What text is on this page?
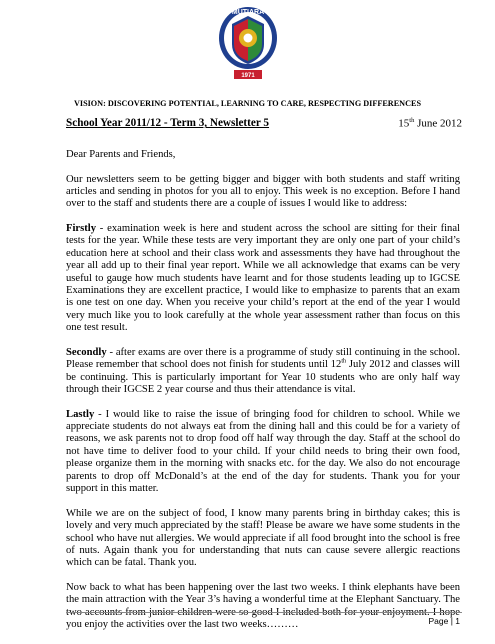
MUTIARA
1971
VISION: DISCOVERING POTENTIAL, LEARNING TO CARE, RESPECTING DIFFERENCES
School Year 2011/12 - Term 3, Newsletter 5	15th June 2012

Dear Parents and Friends,

Our newsletters seem to be getting bigger and bigger with both students and staff writing articles and sending in photos for you all to enjoy. This week is no exception. Before I hand over to the staff and students there are a couple of issues I would like to address:

Firstly - examination week is here and student across the school are sitting for their final tests for the year. While these tests are very important they are only one part of your child’s education here at school and their class work and assessments they have had throughout the year all add up to their final year report. While we all acknowledge that exams can be very useful to gauge how much students have learnt and for those students leading up to IGCSE Examinations they are excellent practice, I would like to emphasize to parents that an exam is one test on one day. When you receive your child’s report at the end of the year I would very much like you to look carefully at the whole year assessment rather than focus on this one test result.

Secondly - after exams are over there is a programme of study still continuing in the school. Please remember that school does not finish for students until 12th July 2012 and classes will be continuing. This is particularly important for Year 10 students who are only half way through their IGCSE 2 year course and thus their attendance is vital.

Lastly - I would like to raise the issue of bringing food for children to school. While we appreciate students do not always eat from the dining hall and this could be for a variety of reasons, we ask parents not to drop food off half way through the day. Staff at the school do not have time to deliver food to your child. If your child needs to bring their own food, please organize them in the morning with snacks etc. for the day. We also do not encourage parents to drop off McDonald’s at the end of the day for students. Thank you for your support in this matter.

While we are on the subject of food, I know many parents bring in birthday cakes; this is lovely and very much appreciated by the staff! Please be aware we have some students in the school who have nut allergies. We would appreciate if all food brought into the school is free of nuts. Again thank you for understanding that nuts can cause severe allergic reactions which can be fatal. Thank you.

Now back to what has been happening over the last two weeks. I think elephants have been the main attraction with the Year 3’s having a wonderful time at the Elephant Sanctuary. The two accounts from junior children were so good I included both for your enjoyment. I hope you enjoy the activities over the last two weeks………	Page | 1
